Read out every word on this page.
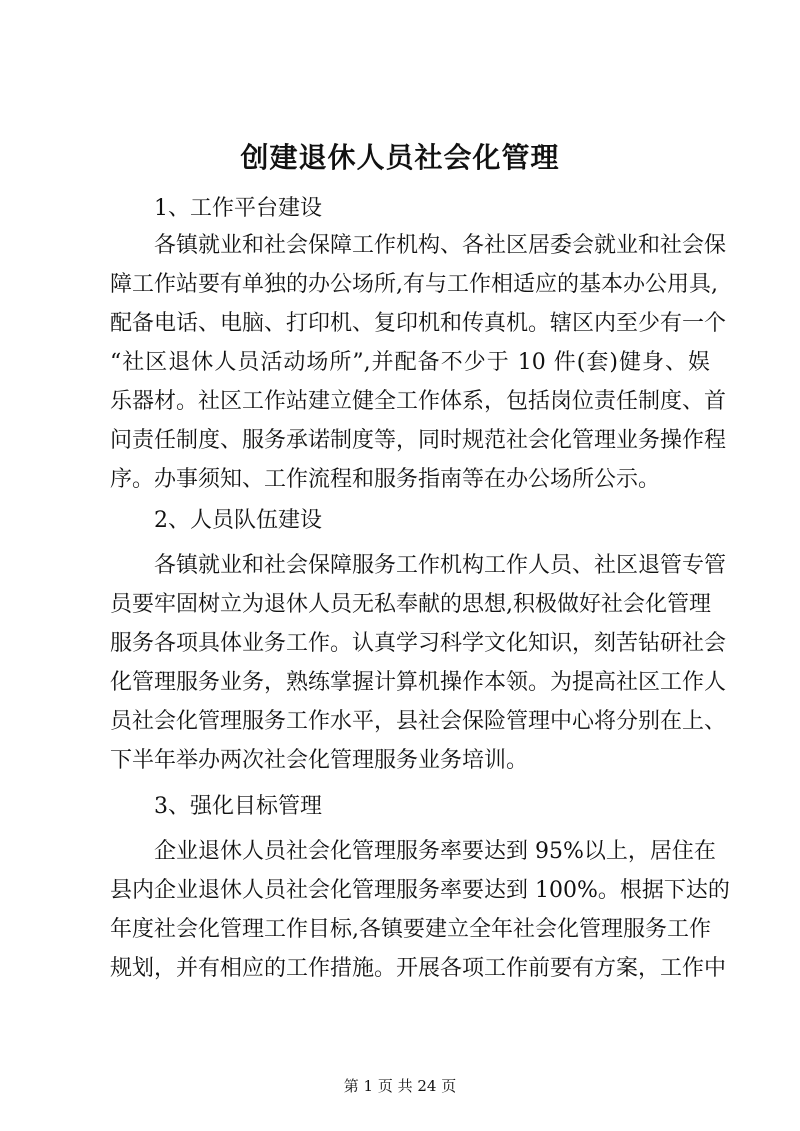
创建退休人员社会化管理

1、工作平台建设

各镇就业和社会保障工作机构、各社区居委会就业和社会保

障工作站要有单独的办公场所,有与工作相适应的基本办公用具,

配备电话、电脑、打印机、复印机和传真机。辖区内至少有一个

“社区退休人员活动场所”,并配备不少于 10 件(套)健身、娱

乐器材。社区工作站建立健全工作体系，包括岗位责任制度、首

问责任制度、服务承诺制度等，同时规范社会化管理业务操作程

序。办事须知、工作流程和服务指南等在办公场所公示。

2、人员队伍建设

各镇就业和社会保障服务工作机构工作人员、社区退管专管

员要牢固树立为退休人员无私奉献的思想,积极做好社会化管理

服务各项具体业务工作。认真学习科学文化知识，刻苦钻研社会

化管理服务业务，熟练掌握计算机操作本领。为提高社区工作人

员社会化管理服务工作水平，县社会保险管理中心将分别在上、

下半年举办两次社会化管理服务业务培训。

3、强化目标管理

企业退休人员社会化管理服务率要达到 95%以上，居住在

县内企业退休人员社会化管理服务率要达到 100%。根据下达的

年度社会化管理工作目标,各镇要建立全年社会化管理服务工作

规划，并有相应的工作措施。开展各项工作前要有方案，工作中

第 1 页 共 24 页
